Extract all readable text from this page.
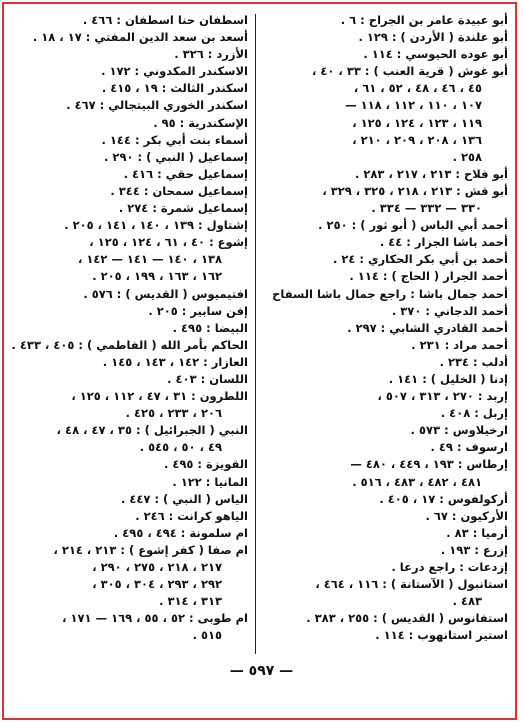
أبو عبيدة عامر بن الجراح : ٦ .
أبو علندة ( الأردن ) : ١٢٩ .
أبو عوده الحيوسي : ١١٤ .
أبو غوش ( قرية العنب ) : ٣٣ ، ٤٠ ،
٤٥ ، ٤٦ ، ٤٨ ، ٥٢ ، ٦١ ،
١٠٧ ، ١١٠ ، ١١٢ ، ١١٨ —
١١٩ ، ١٢٣ ، ١٢٤ ، ١٢٥ ،
١٣٦ ، ٢٠٨ ، ٢٠٩ ، ٢١٠ ،
٢٥٨ .
أبو فلاح : ٢١٣ ، ٢١٧ ، ٢٨٣ .
أبو قش : ٢١٣ ، ٢١٨ ، ٣٢٥ ، ٣٢٩ ،
٣٣٠ — ٣٣٢ — ٣٣٤ .
أحمد أبي الباس ( أبو ثور ) : ٢٥٠ .
أحمد باشا الجزار : ٤٤ .
أحمد بن أبي بكر الحكاري : ٢٤ .
أحمد الجرار ( الحاج ) : ١١٤ .
أحمد جمال باشا : راجع جمال باشا السفاح
أحمد الدجاني : ٣٧٠ .
أحمد القادري الشابي : ٢٩٧ .
أحمد مراد : ٢٣١ .
أدلب : ٢٣٤ .
إدنا ( الخليل ) : ١٤١ .
إربد : ٢٧٠ ، ٣١٣ ، ٥٠٧ ،
إربل : ٤٠٨ .
ارخيلاوس : ٥٧٣ .
ارسوف : ٤٩ .
إرطاس : ١٩٣ ، ٤٤٩ ، ٤٨٠ —
٤٨١ ، ٤٨٢ ، ٤٨٣ ، ٥١٦ .
أركولفوس : ١٧ ، ٤٠٥ .
الأركيون : ٦٧ .
أرميا : ٨٣ .
إزرع : ١٩٣ .
إزدعات : راجع درعا .
استانبول ( الآستانة ) : ١١٦ ، ٤٦٤ ،
٤٨٣ .
استفانوس ( القديس ) : ٢٥٥ ، ٣٨٣ .
استير استانهوب : ١١٤ .
اسطفان حنا اسطفان : ٤٦٦ .
أسعد بن سعد الدين المفتي : ١٧ ، ١٨ .
الأزرد : ٣٢٦ .
الاسكندر المكدوني : ١٧٢ .
اسكندر الثالث : ١٩ ، ٤١٥ .
اسكندر الخوري البيتجالي : ٤٦٧ .
الإسكندرية : ٩٥ .
أسماء بنت أبي بكر : ١٤٤ .
إسماعيل ( النبي ) : ٢٩٠ .
إسماعيل حقي : ٤١٦ .
إسماعيل سمحان : ٣٤٤ .
إسماعيل شمرة : ٢٧٤ .
إشتاول : ١٣٩ ، ١٤٠ ، ١٤١ ، ٢٠٥ .
إشوع : ٤٠ ، ٦١ ، ١٢٤ ، ١٢٥ ،
١٣٨ ، ١٤٠ — ١٤١ — ١٤٢ ،
١٦٢ ، ١٦٣ ، ١٩٩ ، ٢٠٥ .
افتيميوس ( القديس ) : ٥٧٦ .
إفن سابير : ٢٠٥ .
البيضا : ٤٩٥ .
الحاكم بأمر الله ( الفاطمي ) : ٤٠٥ ، ٤٣٣ .
العازار : ١٤٢ ، ١٤٣ ، ١٤٥ .
اللسان : ٤٠٣ .
اللطرون : ٣١ ، ٤٧ ، ١١٢ ، ١٢٥ ،
٢٠٦ ، ٢٣٣ ، ٤٢٥ .
النبي ( الجبرائيل ) : ٣٥ ، ٤٧ ، ٤٨ ،
٤٩ ، ٥٠ ، ٥٤٥ .
القويزة : ٤٩٥ .
المانيا : ١٢٢ .
الياس ( النبي ) : ٤٤٧ .
الياهو كرانت : ٢٤٦ .
ام سلمونة : ٤٩٤ ، ٤٩٥ .
ام صفا ( كفر إشوع ) : ٢١٣ ، ٢١٤ ،
٢١٧ ، ٢١٨ ، ٢٧٥ ، ٢٩٠ ،
٢٩٢ ، ٢٩٣ ، ٣٠٤ ، ٣٠٥ ،
٣١٣ ، ٣١٤ .
ام طوبى : ٥٢ ، ٥٥ ، ١٦٩ — ١٧١ ،
٥١٥ .
— ٥٩٧ —
